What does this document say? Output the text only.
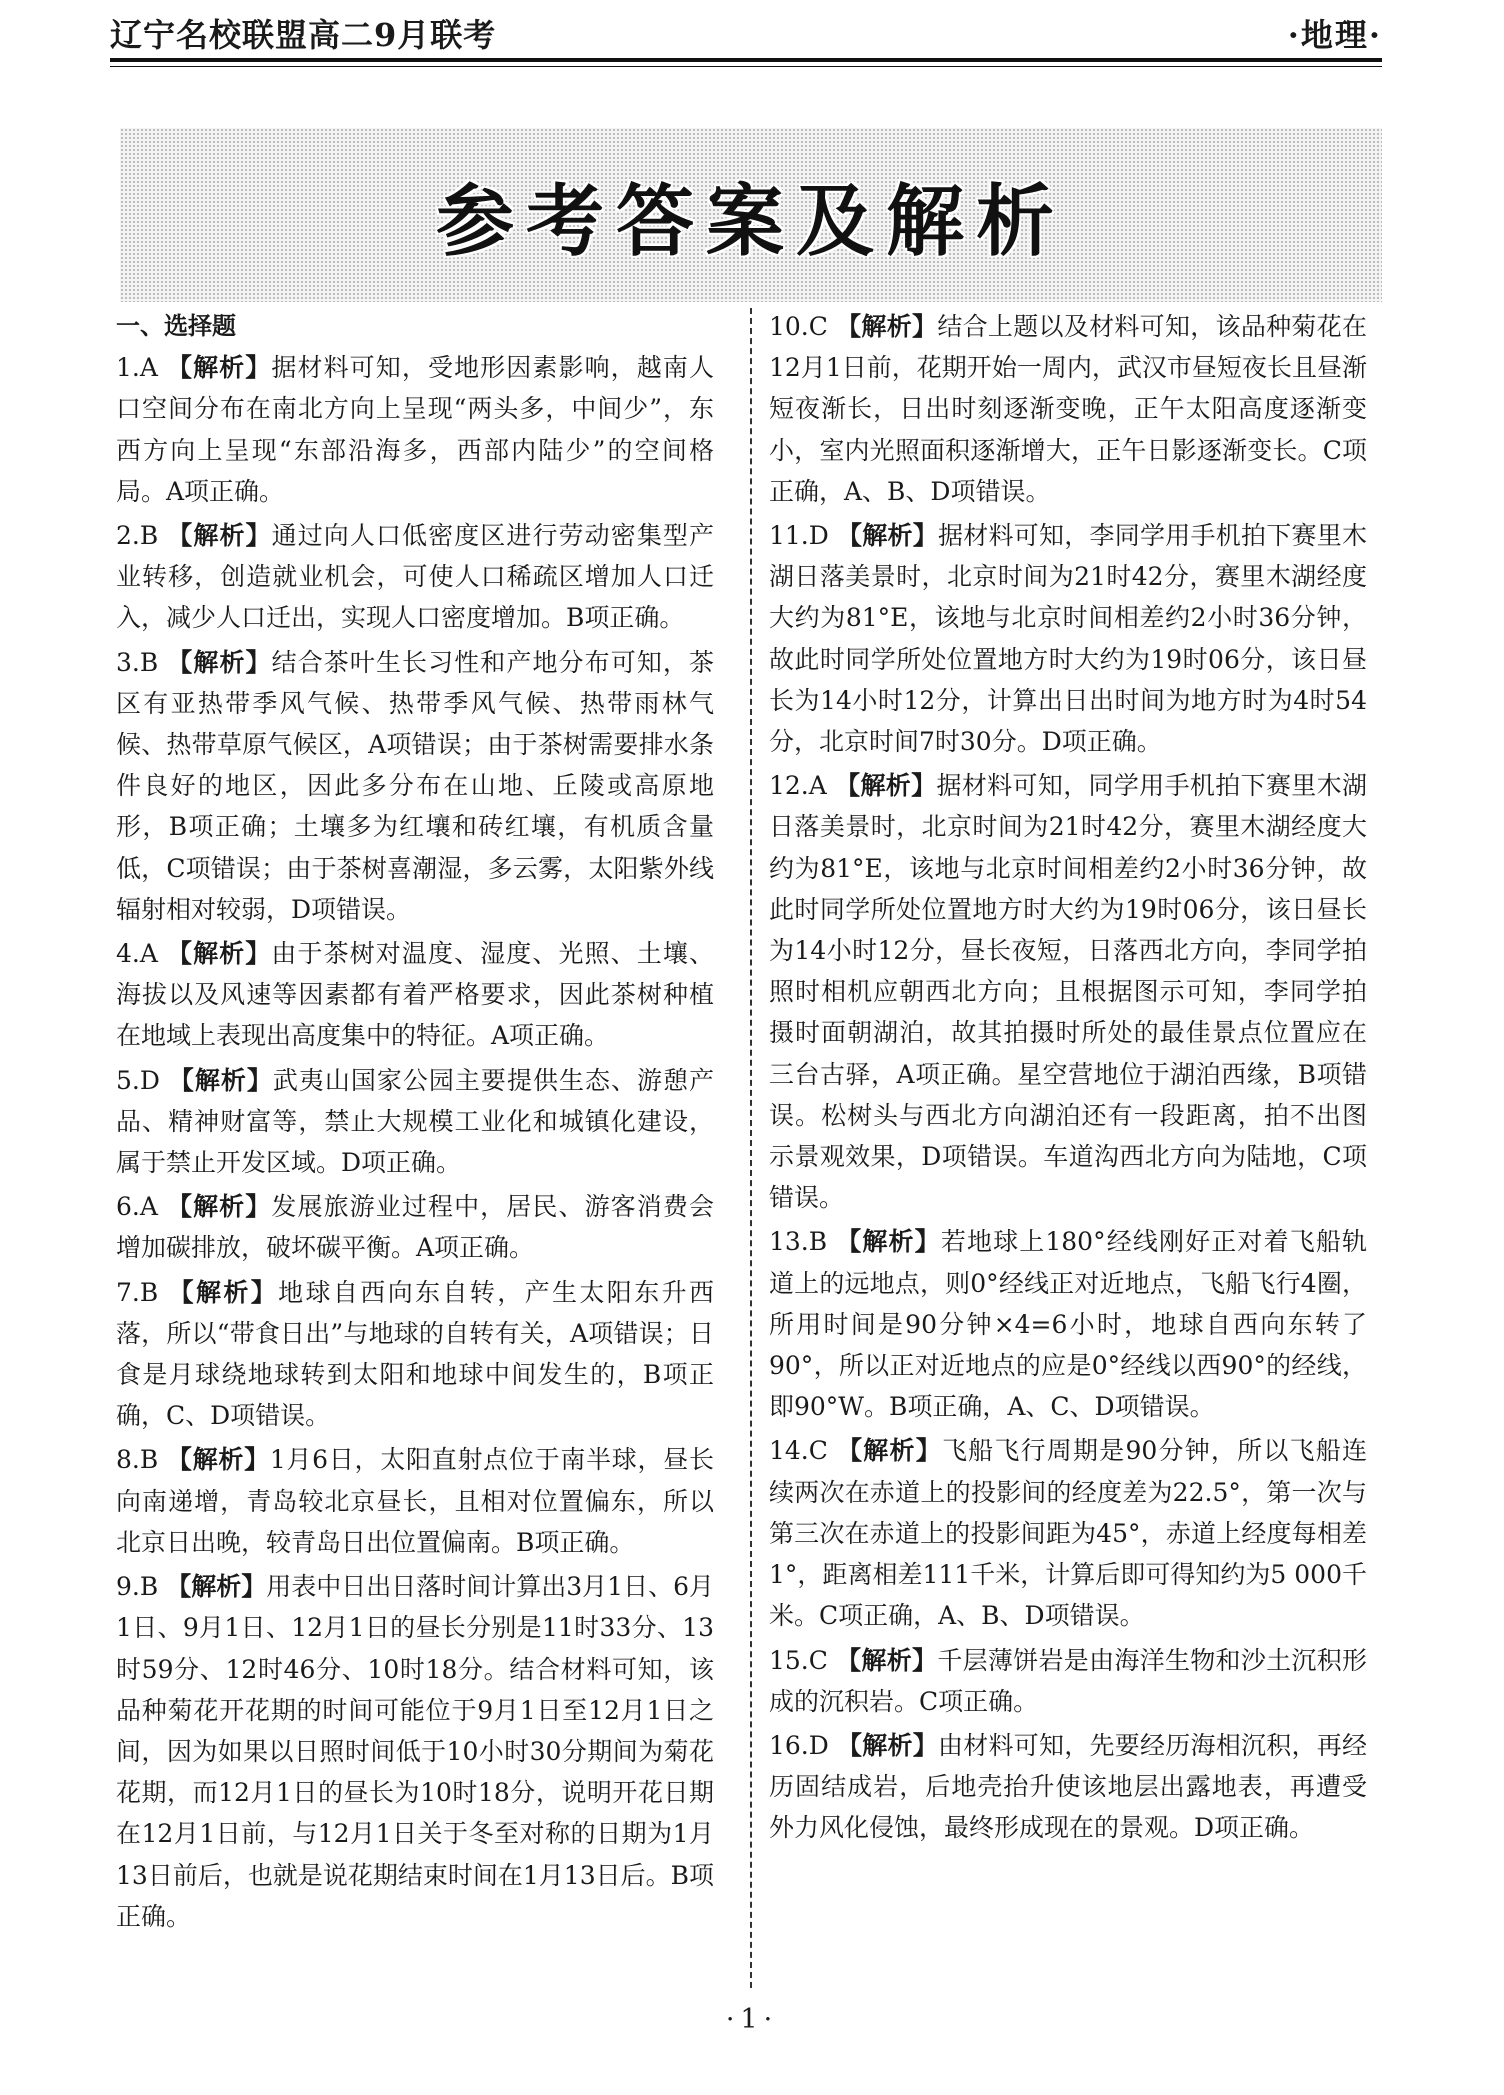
辽宁名校联盟高二9月联考	·地理·
参考答案及解析
一、选择题
1.A 【解析】据材料可知，受地形因素影响，越南人口空间分布在南北方向上呈现“两头多，中间少”，东西方向上呈现“东部沿海多，西部内陆少”的空间格局。A项正确。
2.B 【解析】通过向人口低密度区进行劳动密集型产业转移，创造就业机会，可使人口稀疏区增加人口迁入，减少人口迁出，实现人口密度增加。B项正确。
3.B 【解析】结合茶叶生长习性和产地分布可知，茶区有亚热带季风气候、热带季风气候、热带雨林气候、热带草原气候区，A项错误；由于茶树需要排水条件良好的地区，因此多分布在山地、丘陵或高原地形，B项正确；土壤多为红壤和砖红壤，有机质含量低，C项错误；由于茶树喜潮湿，多云雾，太阳紫外线辐射相对较弱，D项错误。
4.A 【解析】由于茶树对温度、湿度、光照、土壤、海拔以及风速等因素都有着严格要求，因此茶树种植在地域上表现出高度集中的特征。A项正确。
5.D 【解析】武夷山国家公园主要提供生态、游憩产品、精神财富等，禁止大规模工业化和城镇化建设，属于禁止开发区域。D项正确。
6.A 【解析】发展旅游业过程中，居民、游客消费会增加碳排放，破坏碳平衡。A项正确。
7.B 【解析】地球自西向东自转，产生太阳东升西落，所以“带食日出”与地球的自转有关，A项错误；日食是月球绕地球转到太阳和地球中间发生的，B项正确，C、D项错误。
8.B 【解析】1月6日，太阳直射点位于南半球，昼长向南递增，青岛较北京昼长，且相对位置偏东，所以北京日出晚，较青岛日出位置偏南。B项正确。
9.B 【解析】用表中日出日落时间计算出3月1日、6月1日、9月1日、12月1日的昼长分别是11时33分、13时59分、12时46分、10时18分。结合材料可知，该品种菊花开花期的时间可能位于9月1日至12月1日之间，因为如果以日照时间低于10小时30分期间为菊花花期，而12月1日的昼长为10时18分，说明开花日期在12月1日前，与12月1日关于冬至对称的日期为1月13日前后，也就是说花期结束时间在1月13日后。B项正确。
10.C 【解析】结合上题以及材料可知，该品种菊花在12月1日前，花期开始一周内，武汉市昼短夜长且昼渐短夜渐长，日出时刻逐渐变晚，正午太阳高度逐渐变小，室内光照面积逐渐增大，正午日影逐渐变长。C项正确，A、B、D项错误。
11.D 【解析】据材料可知，李同学用手机拍下赛里木湖日落美景时，北京时间为21时42分，赛里木湖经度大约为81°E，该地与北京时间相差约2小时36分钟，故此时同学所处位置地方时大约为19时06分，该日昼长为14小时12分，计算出日出时间为地方时为4时54分，北京时间7时30分。D项正确。
12.A 【解析】据材料可知，同学用手机拍下赛里木湖日落美景时，北京时间为21时42分，赛里木湖经度大约为81°E，该地与北京时间相差约2小时36分钟，故此时同学所处位置地方时大约为19时06分，该日昼长为14小时12分，昼长夜短，日落西北方向，李同学拍照时相机应朝西北方向；且根据图示可知，李同学拍摄时面朝湖泊，故其拍摄时所处的最佳景点位置应在三台古驿，A项正确。星空营地位于湖泊西缘，B项错误。松树头与西北方向湖泊还有一段距离，拍不出图示景观效果，D项错误。车道沟西北方向为陆地，C项错误。
13.B 【解析】若地球上180°经线刚好正对着飞船轨道上的远地点，则0°经线正对近地点，飞船飞行4圈，所用时间是90分钟×4=6小时，地球自西向东转了90°，所以正对近地点的应是0°经线以西90°的经线，即90°W。B项正确，A、C、D项错误。
14.C 【解析】飞船飞行周期是90分钟，所以飞船连续两次在赤道上的投影间的经度差为22.5°，第一次与第三次在赤道上的投影间距为45°，赤道上经度每相差1°，距离相差111千米，计算后即可得知约为5 000千米。C项正确，A、B、D项错误。
15.C 【解析】千层薄饼岩是由海洋生物和沙土沉积形成的沉积岩。C项正确。
16.D 【解析】由材料可知，先要经历海相沉积，再经历固结成岩，后地壳抬升使该地层出露地表，再遭受外力风化侵蚀，最终形成现在的景观。D项正确。
·1·
